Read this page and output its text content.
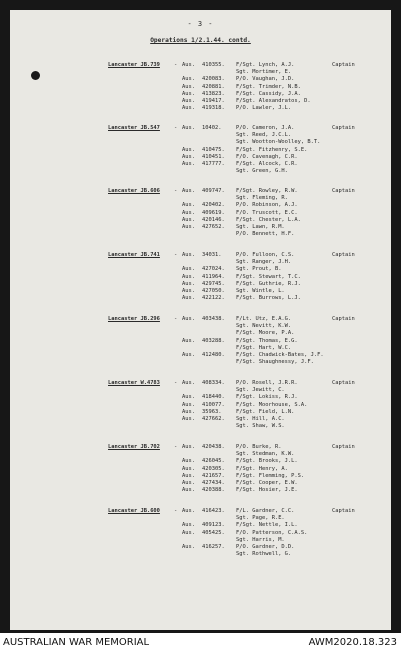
- 3 -
Operations 1/2.1.44. contd.
Lancaster JB.739	- Aus. 410355. F/Sgt. Lynch, A.J.	Captain
Sgt. Mortimer, E.
Aus. 420083. P/O. Vaughan, J.D.
Aus. 420881. F/Sgt. Trimder, N.B.
Aus. 413823. F/Sgt. Cassidy, J.A.
Aus. 419417. F/Sgt. Alexandratos, D.
Aus. 419318. P/O. Lawler, J.L.
Lancaster JB.547	- Aus. 10402.	P/O. Cameron, J.A.	Captain
Sgt. Reed, J.C.L.
Sgt. Wootton-Woolley, B.T.
Aus. 410475. F/Sgt. Fitzhenry, S.E.
Aus. 410451. F/O. Cavenagh, C.R.
Aus. 417777. F/Sgt. Alcock, C.R.
Sgt. Green, G.H.
Lancaster JB.606	- Aus. 409747. F/Sgt. Rowley, R.W.	Captain
Sgt. Fleming, R.
Aus. 420402. P/O. Robinson, A.J.
Aus. 409619. F/O. Truscott, E.C.
Aus. 420146. F/Sgt. Chester, L.A.
Aus. 427652. Sgt. Lawn, R.M.
P/O. Bennett, H.F.
Lancaster JB.741	- Aus. 34031.	P/O. Fulloon, C.S.	Captain
Sgt. Ranger, J.H.
Aus. 427024. Sgt. Prout, B.
Aus. 411964. F/Sgt. Stewart, T.C.
Aus. 429745. F/Sgt. Guthrie, R.J.
Aus. 427050. Sgt. Wintle, L.
Aus. 422122. F/Sgt. Burrows, L.J.
Lancaster JB.296	- Aus. 403438. F/Lt. Utz, E.A.G.	Captain
Sgt. Nevitt, K.W.
F/Sgt. Moore, P.A.
Aus. 403288. F/Sgt. Thomas, E.G.
F/Sgt. Hart, W.C.
Aus. 412480. F/Sgt. Chadwick-Bates, J.F.
F/Sgt. Shaughnessy, J.F.
Lancaster W.4783	- Aus. 408334. P/O. Rosell, J.R.R.	Captain
Sgt. Jewitt, C.
Aus. 418440. F/Sgt. Lokiss, R.J.
Aus. 410077. F/Sgt. Moorhouse, S.A.
Aus. 35963.	F/Sgt. Field, L.N.
Aus. 427662. Sgt. Hill, A.C.
Sgt. Shaw, W.S.
Lancaster JB.702	- Aus. 420438. P/O. Burke, R.	Captain
Sgt. Stedman, K.W.
Aus. 426045. F/Sgt. Brooks, J.L.
Aus. 420305. F/Sgt. Henry, A.
Aus. 421657. F/Sgt. Flemming, P.S.
Aus. 427434. F/Sgt. Cooper, E.W.
Aus. 420388. F/Sgt. Hosier, J.E.
Lancaster JB.600	- Aus. 416423. F/L. Gardner, C.C.	Captain
Sgt. Page, R.E.
Aus. 409123. F/Sgt. Nettle, I.L.
Aus. 405425. F/O. Patterson, C.A.S.
Sgt. Harris, M.
Aus. 416257. P/O. Gardner, D.D.
Sgt. Rothwell, G.
AUSTRALIAN WAR MEMORIAL	AWM2020.18.323
